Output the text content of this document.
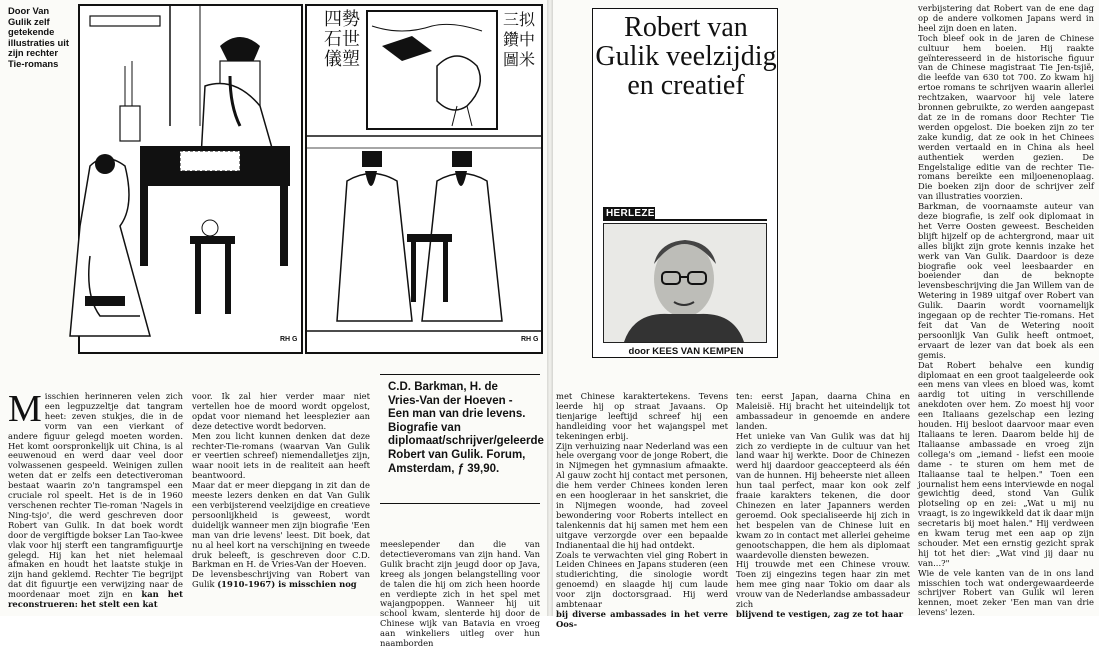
Door Van Gulik zelf getekende illustraties uit zijn rechter Tie-romans
RH G	RH G
四勢
石世
儀塑
三拟
鑽中
圖米

Misschien herinneren velen zich een legpuzzeltje dat tangram heet: zeven stukjes, die in de vorm van een vierkant of andere figuur gelegd moeten worden. Het komt oorspronkelijk uit China, is al eeuwenoud en werd daar veel door volwassenen gespeeld. Weinigen zullen weten dat er zelfs een detectiveroman bestaat waarin zo'n tangramspel een cruciale rol speelt. Het is de in 1960 verschenen rechter Tie-roman 'Nagels in Ning-tsjo', die werd geschreven door Robert van Gulik. In dat boek wordt door de vergiftigde bokser Lan Tao-kwee vlak voor hij sterft een tangramfiguurtje gelegd. Hij kan het niet helemaal afmaken en houdt het laatste stukje in zijn hand geklemd. Rechter Tie begrijpt dat dit figuurtje een verwijzing naar de moordenaar moet zijn en kan het reconstrueren: het stelt een kat

voor. Ik zal hier verder maar niet vertellen hoe de moord wordt opgelost, opdat voor niemand het leesplezier aan deze detective wordt bedorven.

Men zou licht kunnen denken dat deze rechter-Tie-romans (waarvan Van Gulik er veertien schreef) niemendalletjes zijn, waar nooit iets in de realiteit aan heeft beantwoord.

Maar dat er meer diepgang in zit dan de meeste lezers denken en dat Van Gulik een verbijsterend veelzijdige en creatieve persoonlijkheid is geweest, wordt duidelijk wanneer men zijn biografie 'Een man van drie levens' leest. Dit boek, dat nu al heel kort na verschijning en tweede druk beleeft, is geschreven door C.D. Barkman en H. de Vries-Van der Hoeven.

De levensbeschrijving van Robert van Gulik (1910-1967) is misschien nog

C.D. Barkman, H. de Vries-Van der Hoeven - Een man van drie levens. Biografie van diplomaat/schrijver/geleerde Robert van Gulik. Forum, Amsterdam, ƒ 39,90.

meeslepender dan die van detectieveromans van zijn hand. Van Gulik bracht zijn jeugd door op Java, kreeg als jongen belangstelling voor de talen die hij om zich heen hoorde en verdiepte zich in het spel met wajangpoppen. Wanneer hij uit school kwam, slenterde hij door de Chinese wijk van Batavia en vroeg aan winkeliers uitleg over hun naamborden

met Chinese karaktertekens. Tevens leerde hij op straat Javaans. Op tienjarige leeftijd schreef hij een handleiding voor het wajangspel met tekeningen erbij.

Zijn verhuizing naar Nederland was een hele overgang voor de jonge Robert, die in Nijmegen het gymnasium afmaakte. Al gauw zocht hij contact met personen, die hem verder Chinees konden leren en een hoogleraar in het sanskriet, die in Nijmegen woonde, had zoveel bewondering voor Roberts intellect en talenkennis dat hij samen met hem een uitgave verzorgde over een bepaalde Indianentaal die hij had ontdekt.

Zoals te verwachten viel ging Robert in Leiden Chinees en Japans studeren (een studierichting, die sinologie wordt genoemd) en slaagde hij cum laude voor zijn doctorsgraad. Hij werd ambtenaar

bij diverse ambassades in het verre Oos-

ten: eerst Japan, daarna China en Maleisië. Hij bracht het uiteindelijk tot ambassadeur in genoemde en andere landen.

Het unieke van Van Gulik was dat hij zich zo verdiepte in de cultuur van het land waar hij werkte. Door de Chinezen werd hij daardoor geaccepteerd als één van de hunnen. Hij beheerste niet alleen hun taal perfect, maar kon ook zelf fraaie karakters tekenen, die door Chinezen en later Japanners werden geroemd. Ook specialiseerde hij zich in het bespelen van de Chinese luit en kwam zo in contact met allerlei geheime genootschappen, die hem als diplomaat waardevolle diensten bewezen.

Hij trouwde met een Chinese vrouw. Toen zij eingezins tegen haar zin met hem mee ging naar Tokio om daar als vrouw van de Nederlandse ambassadeur zich

blijvend te vestigen, zag ze tot haar

Robert van Gulik veelzijdig en creatief
HERLEZEN
door KEES VAN KEMPEN

verbijstering dat Robert van de ene dag op de andere volkomen Japans werd in heel zijn doen en laten.

Toch bleef ook in de jaren de Chinese cultuur hem boeien. Hij raakte geïnteresseerd in de historische figuur van de Chinese magistraat Tie Jen-tsjië, die leefde van 630 tot 700. Zo kwam hij ertoe romans te schrijven waarin allerlei rechtzaken, waarvoor hij vele latere bronnen gebruikte, zo werden aangepast dat ze in de romans door Rechter Tie werden opgelost. Die boeken zijn zo ter zake kundig, dat ze ook in het Chinees werden vertaald en in China als heel authentiek werden gezien. De Engelstalige editie van de rechter Tie-romans bereikte een miljoenenoplaag. Die boeken zijn door de schrijver zelf van illustraties voorzien.

Barkman, de voornaamste auteur van deze biografie, is zelf ook diplomaat in het Verre Oosten geweest. Bescheiden blijft hijzelf op de achtergrond, maar uit alles blijkt zijn grote kennis inzake het werk van Van Gulik. Daardoor is deze biografie ook veel leesbaarder en boeiender dan de beknopte levensbeschrijving die Jan Willem van de Wetering in 1989 uitgaf over Robert van Gulik. Daarin wordt voornamelijk ingegaan op de rechter Tie-romans. Het feit dat Van de Wetering nooit persoonlijk Van Gulik heeft ontmoet, ervaart de lezer van dat boek als een gemis.

Dat Robert behalve een kundig diplomaat en een groot taalgeleerde ook een mens van vlees en bloed was, komt aardig tot uiting in verschillende anekdoten over hem. Zo moest hij voor een Italiaans gezelschap een lezing houden. Hij besloot daarvoor maar even Italiaans te leren. Daarom belde hij de Italiaanse ambassade en vroeg zijn collega's om „iemand - liefst een mooie dame - te sturen om hem met de Italiaanse taal te helpen." Toen een journalist hem eens interviewde en nogal gewichtig deed, stond Van Gulik plotseling op en zei: „Wat u mij nu vraagt, is zo ingewikkeld dat ik daar mijn secretaris bij moet halen." Hij verdween en kwam terug met een aap op zijn schouder. Met een ernstig gezicht sprak hij tot het dier: „Wat vind jij daar nu van...?"

Wie de vele kanten van de in ons land misschien toch wat ondergewaardeerde schrijver Robert van Gulik wil leren kennen, moet zeker 'Een man van drie levens' lezen.
